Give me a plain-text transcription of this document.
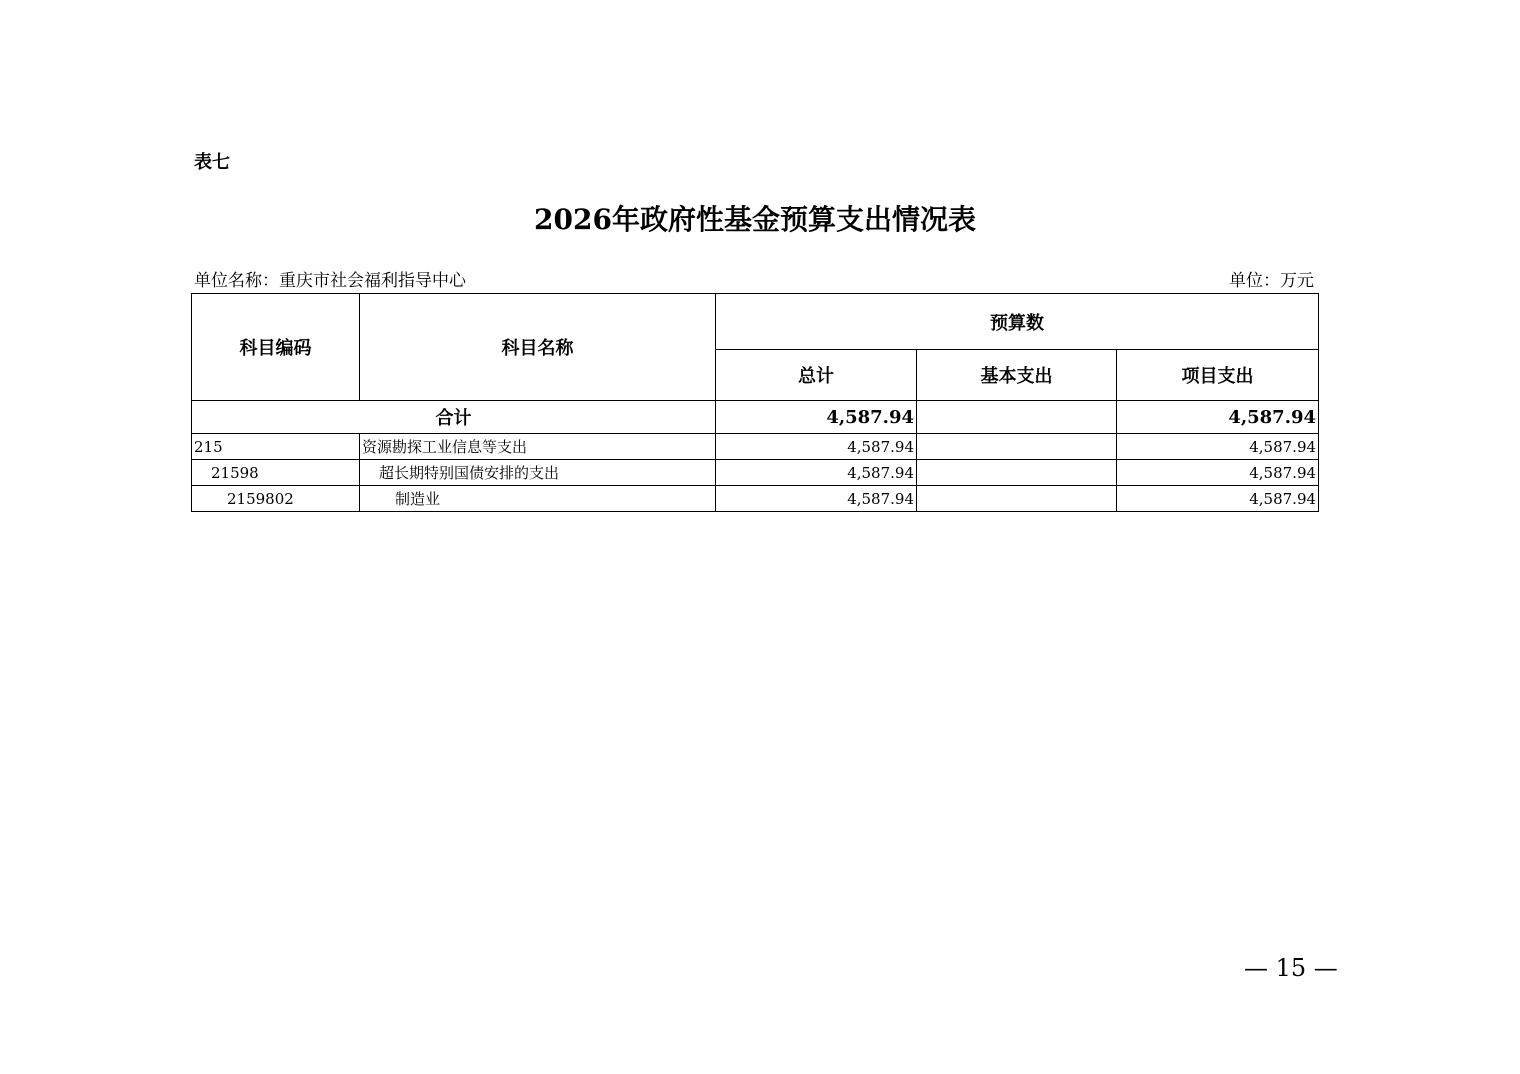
表七
2026年政府性基金预算支出情况表
单位名称：重庆市社会福利指导中心	单位：万元
科目编码	科目名称	预算数		
		总计	基本支出	项目支出
合计		4,587.94		4,587.94
215	资源勘探工业信息等支出	4,587.94		4,587.94
21598	超长期特别国债安排的支出	4,587.94		4,587.94
2159802	制造业	4,587.94		4,587.94
— 15 —
